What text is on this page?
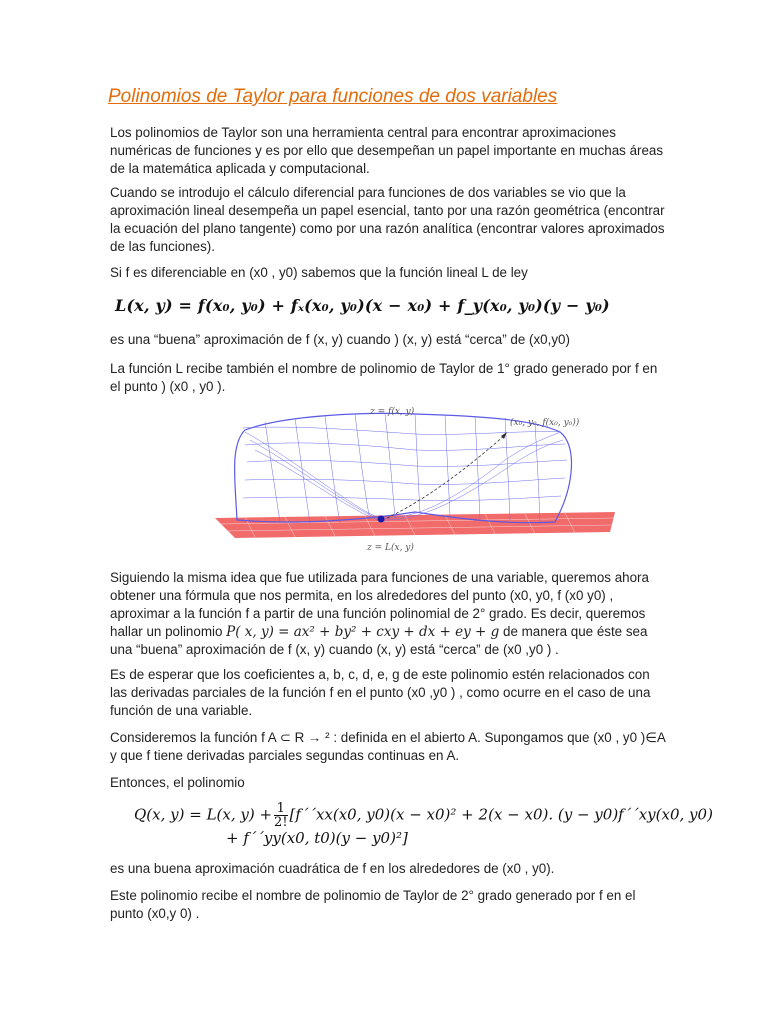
Polinomios de Taylor para funciones de dos variables

Los polinomios de Taylor son una herramienta central para encontrar aproximaciones numéricas de funciones y es por ello que desempeñan un papel importante en muchas áreas de la matemática aplicada y computacional.

Cuando se introdujo el cálculo diferencial para funciones de dos variables se vio que la aproximación lineal desempeña un papel esencial, tanto por una razón geométrica (encontrar la ecuación del plano tangente) como por una razón analítica (encontrar valores aproximados de las funciones).

Si f es diferenciable en (x0 , y0) sabemos que la función lineal L de ley

L(x, y) = f(x₀, y₀) + fₓ(x₀, y₀)(x − x₀) + f_y(x₀, y₀)(y − y₀)

es una “buena” aproximación de f (x, y) cuando ) (x, y) está “cerca” de (x0,y0)

La función L recibe también el nombre de polinomio de Taylor de 1° grado generado por f en el punto ) (x0 , y0 ).

z = f(x, y)
(x₀, y₀, f(x₀, y₀))
z = L(x, y)

Siguiendo la misma idea que fue utilizada para funciones de una variable, queremos ahora obtener una fórmula que nos permita, en los alrededores del punto (x0, y0, f (x0 y0) , aproximar a la función f a partir de una función polinomial de 2° grado. Es decir, queremos hallar un polinomio P( x, y) = ax² + by² + cxy + dx + ey + g de manera que éste sea una “buena” aproximación de f (x, y) cuando (x, y) está “cerca” de (x0 ,y0 ) .

Es de esperar que los coeficientes a, b, c, d, e, g de este polinomio estén relacionados con las derivadas parciales de la función f en el punto (x0 ,y0 ) , como ocurre en el caso de una función de una variable.

Consideremos la función f A ⊂ R → ² : definida en el abierto A. Supongamos que (x0 , y0 )∈A y que f tiene derivadas parciales segundas continuas en A.

Entonces, el polinomio

Q(x, y) = L(x, $y) + \frac{1}{2!}$ [f´´xx(x0, y0)(x − x0)² + 2(x − x0). (y − y0)f´´xy(x0, y0)
+ f´´yy(x0, t0)(y − y0)²]

es una buena aproximación cuadrática de f en los alrededores de (x0 , y0).

Este polinomio recibe el nombre de polinomio de Taylor de 2° grado generado por f en el punto (x0,y 0) .
